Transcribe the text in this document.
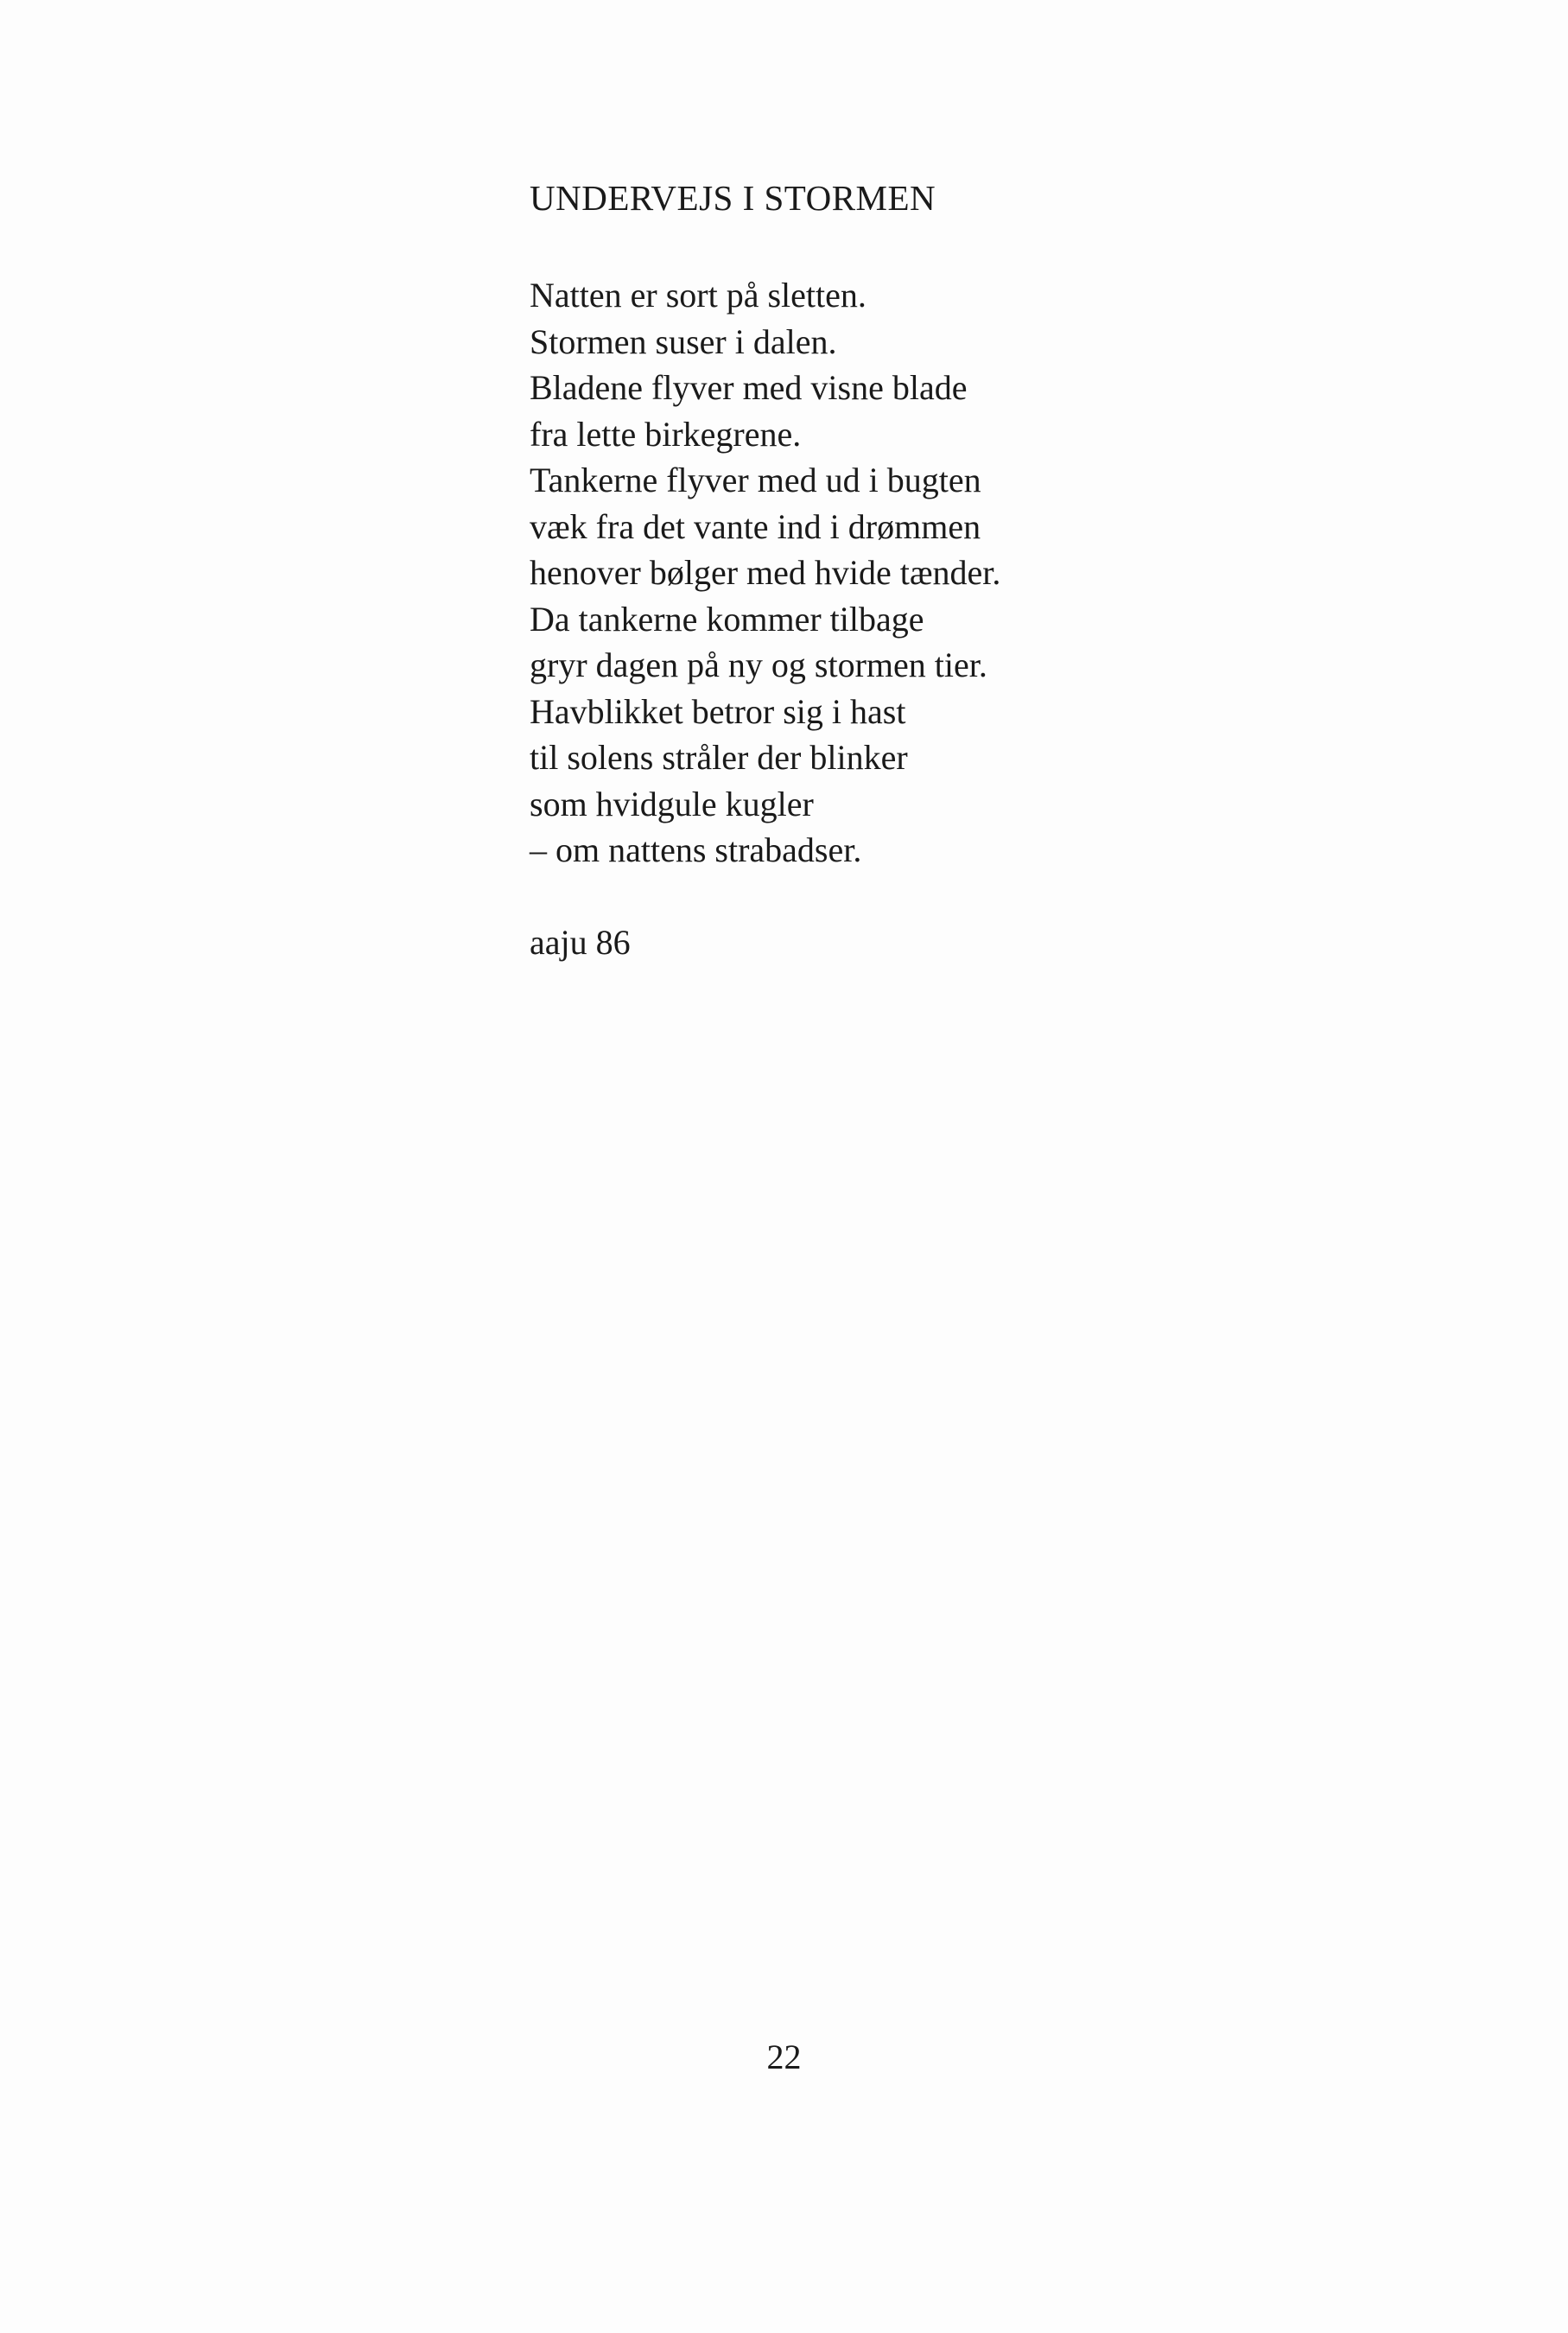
UNDERVEJS I STORMEN
Natten er sort på sletten.
Stormen suser i dalen.
Bladene flyver med visne blade
fra lette birkegrene.
Tankerne flyver med ud i bugten
væk fra det vante ind i drømmen
henover bølger med hvide tænder.
Da tankerne kommer tilbage
gryr dagen på ny og stormen tier.
Havblikket betror sig i hast
til solens stråler der blinker
som hvidgule kugler
– om nattens strabadser.

aaju 86

22
